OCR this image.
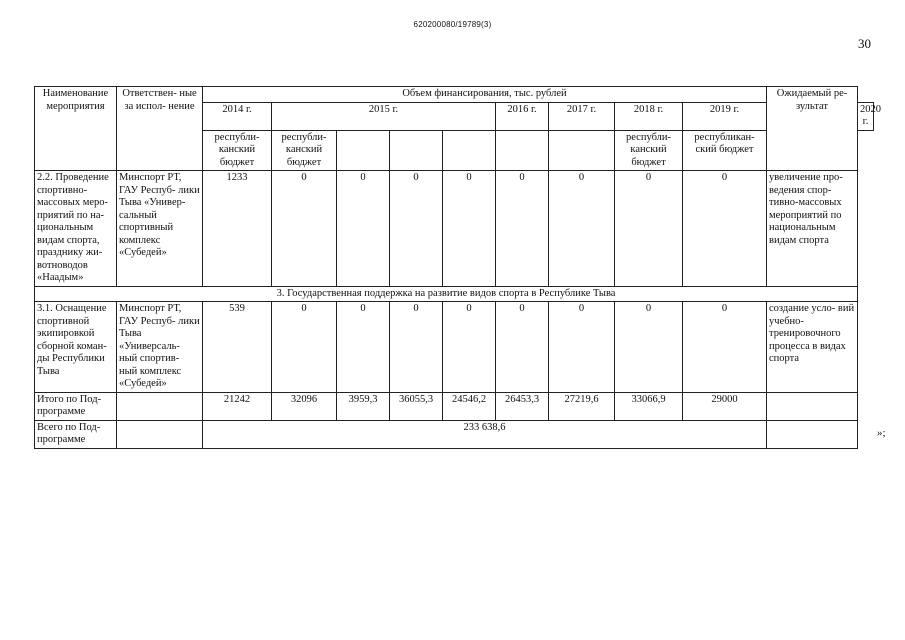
620200080/19789(3)
30
Наименование мероприятия	Ответствен- ные за испол- нение	Объем финансирования, тыс. рублей									Ожидаемый ре- зультат	
		2014 г.	2015 г.				2016 г.	2017 г.	2018 г.	2019 г.		2020 г.
		республи- канский бюджет	республи- канский бюджет						республи- канский бюджет	республикан- ский бюджет		
2.2. Проведение спортивно- массовых меро- приятий по на- циональным видам спорта, празднику жи- вотноводов «Наадым»	Минспорт РТ, ГАУ Респуб- лики Тыва «Универ- сальный спортивный комплекс «Субедей»	1233	0	0	0	0	0	0	0	0	увеличение про- ведения спор- тивно-массовых мероприятий по национальным видам спорта	
3. Государственная поддержка на развитие видов спорта в Республике Тыва												
3.1. Оснащение спортивной экипировкой сборной коман- ды Республики Тыва	Минспорт РТ, ГАУ Респуб- лики Тыва «Универсаль- ный спортив- ный комплекс «Субедей»	539	0	0	0	0	0	0	0	0	создание усло- вий учебно- тренировочного процесса в видах спорта	
Итого по Под- программе		21242	32096	3959,3	36055,3	24546,2	26453,3	27219,6	33066,9	29000		
Всего по Под- программе		233 638,6											»;
